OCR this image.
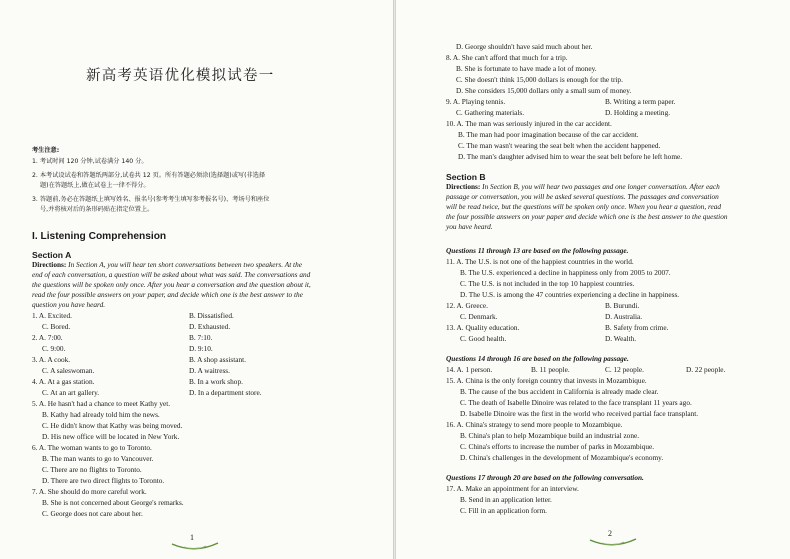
新高考英语优化模拟试卷一
考生注意:
1. 考试时间 120 分钟,试卷满分 140 分。
2. 本考试设试卷和答题纸两部分,试卷共 12 页。所有答题必须涂(选择题)或写(非选择
题)在答题纸上,做在试卷上一律不得分。
3. 答题前,务必在答题纸上填写姓名、报名号(参考考生填写参考报名号)、考场号和座位
号,并将核对后的条形码贴在指定位置上。
I. Listening Comprehension
Section A
Directions: In Section A, you will hear ten short conversations between two speakers. At the
end of each conversation, a question will be asked about what was said. The conversations and
the questions will be spoken only once. After you hear a conversation and the question about it,
read the four possible answers on your paper, and decide which one is the best answer to the
question you have heard.
1. A. Excited.	B. Dissatisfied.
C. Bored.	D. Exhausted.
2. A. 7:00.	B. 7:10.
C. 9:00.	D. 9:10.
3. A. A cook.	B. A shop assistant.
C. A saleswoman.	D. A waitress.
4. A. At a gas station.	B. In a work shop.
C. At an art gallery.	D. In a department store.
5. A. He hasn't had a chance to meet Kathy yet.
B. Kathy had already told him the news.
C. He didn't know that Kathy was being moved.
D. His new office will be located in New York.
6. A. The woman wants to go to Toronto.
B. The man wants to go to Vancouver.
C. There are no flights to Toronto.
D. There are two direct flights to Toronto.
7. A. She should do more careful work.
B. She is not concerned about George's remarks.
C. George does not care about her.
1
D. George shouldn't have said much about her.
8. A. She can't afford that much for a trip.
B. She is fortunate to have made a lot of money.
C. She doesn't think 15,000 dollars is enough for the trip.
D. She considers 15,000 dollars only a small sum of money.
9. A. Playing tennis.	B. Writing a term paper.
C. Gathering materials.	D. Holding a meeting.
10. A. The man was seriously injured in the car accident.
B. The man had poor imagination because of the car accident.
C. The man wasn't wearing the seat belt when the accident happened.
D. The man's daughter advised him to wear the seat belt before he left home.
Section B
Directions: In Section B, you will hear two passages and one longer conversation. After each
passage or conversation, you will be asked several questions. The passages and conversation
will be read twice, but the questions will be spoken only once. When you hear a question, read
the four possible answers on your paper and decide which one is the best answer to the question
you have heard.
Questions 11 through 13 are based on the following passage.
11. A. The U.S. is not one of the happiest countries in the world.
B. The U.S. experienced a decline in happiness only from 2005 to 2007.
C. The U.S. is not included in the top 10 happiest countries.
D. The U.S. is among the 47 countries experiencing a decline in happiness.
12. A. Greece.	B. Burundi.
C. Denmark.	D. Australia.
13. A. Quality education.	B. Safety from crime.
C. Good health.	D. Wealth.
Questions 14 through 16 are based on the following passage.
14. A. 1 person.	B. 11 people.	C. 12 people.	D. 22 people.
15. A. China is the only foreign country that invests in Mozambique.
B. The cause of the bus accident in California is already made clear.
C. The death of Isabelle Dinoire was related to the face transplant 11 years ago.
D. Isabelle Dinoire was the first in the world who received partial face transplant.
16. A. China's strategy to send more people to Mozambique.
B. China's plan to help Mozambique build an industrial zone.
C. China's efforts to increase the number of parks in Mozambique.
D. China's challenges in the development of Mozambique's economy.
Questions 17 through 20 are based on the following conversation.
17. A. Make an appointment for an interview.
B. Send in an application letter.
C. Fill in an application form.
2
